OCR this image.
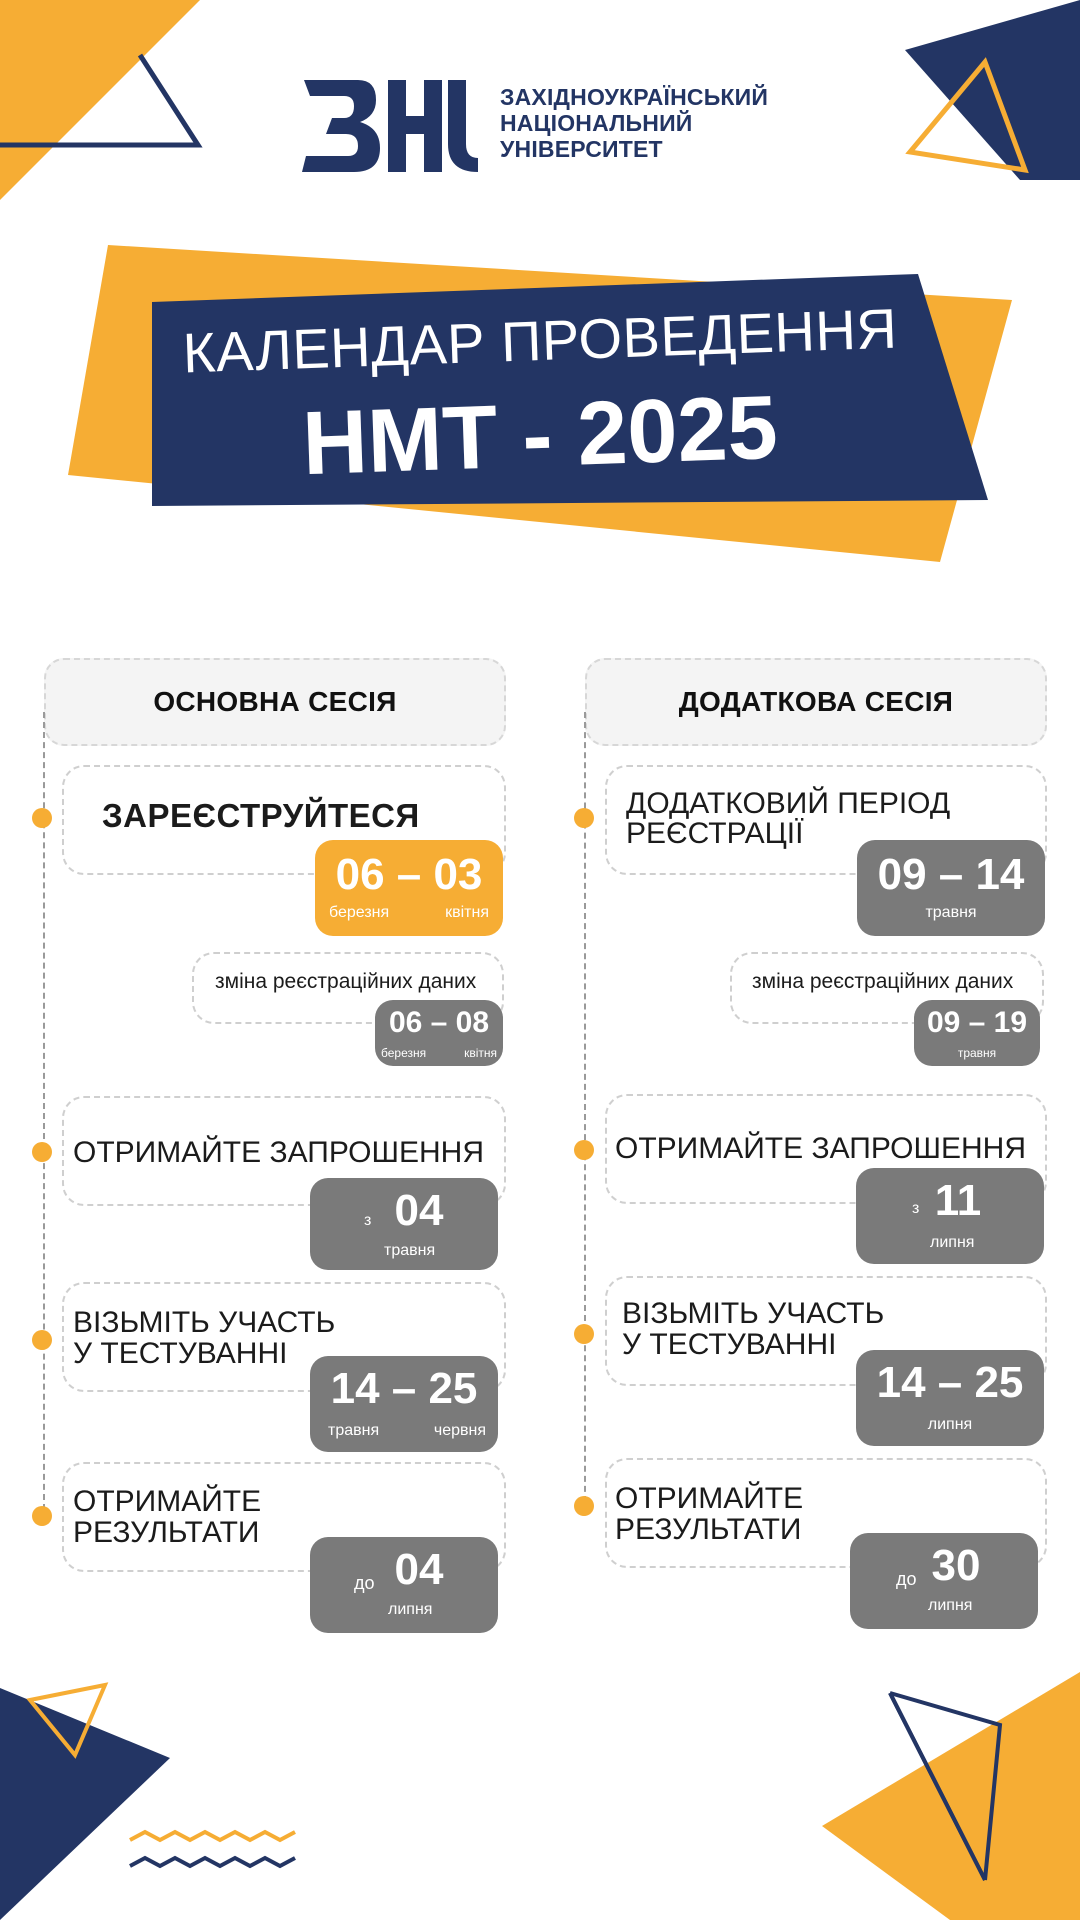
ЗАХІДНОУКРАЇНСЬКИЙ
НАЦІОНАЛЬНИЙ
УНІВЕРСИТЕТ
КАЛЕНДАР ПРОВЕДЕННЯ
НМТ - 2025
ОСНОВНА СЕСІЯ
ЗАРЕЄСТРУЙТЕСЯ
06 – 03
березня	квітня
зміна реєстраційних даних
06 – 08
березня	квітня
ОТРИМАЙТЕ ЗАПРОШЕННЯ
з 04
травня
ВІЗЬМІТЬ УЧАСТЬ
У ТЕСТУВАННІ
14 – 25
травня	червня
ОТРИМАЙТЕ
РЕЗУЛЬТАТИ
до 04
липня
ДОДАТКОВА СЕСІЯ
ДОДАТКОВИЙ ПЕРІОД
РЕЄСТРАЦІЇ
09 – 14
травня
зміна реєстраційних даних
09 – 19
травня
ОТРИМАЙТЕ ЗАПРОШЕННЯ
з 11
липня
ВІЗЬМІТЬ УЧАСТЬ
У ТЕСТУВАННІ
14 – 25
липня
ОТРИМАЙТЕ
РЕЗУЛЬТАТИ
до 30
липня
